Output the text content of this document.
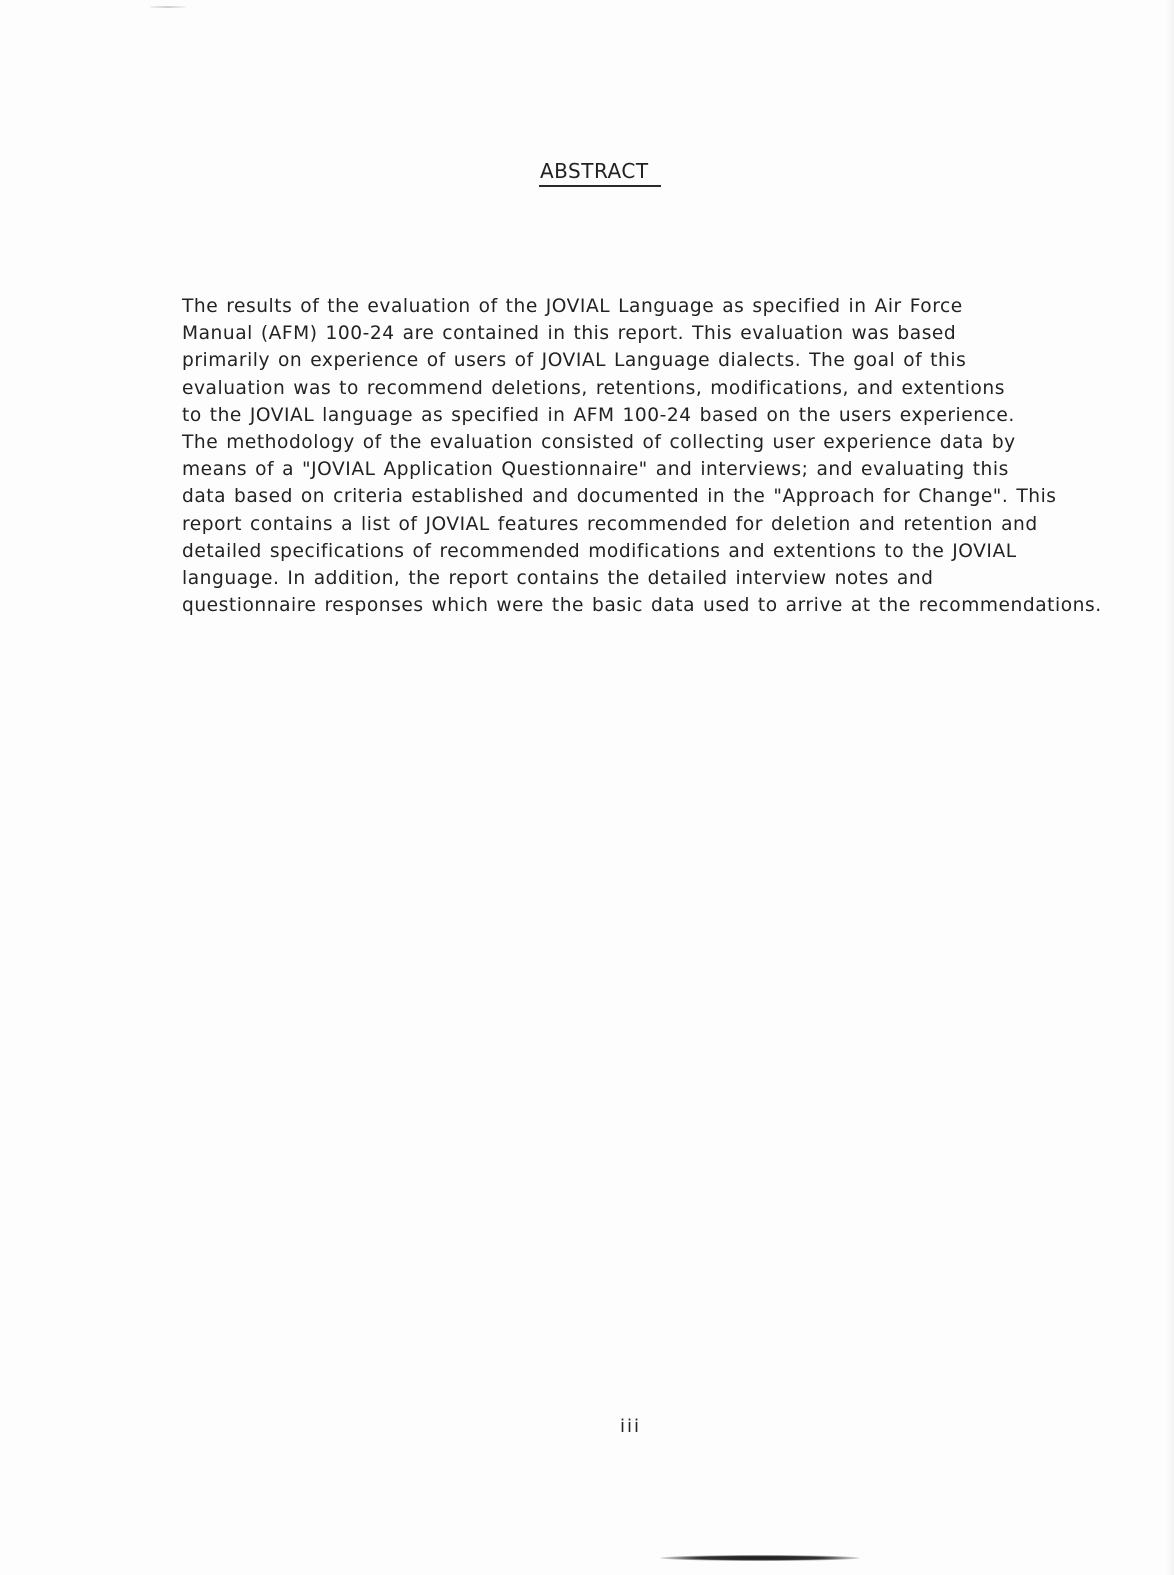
ABSTRACT
The results of the evaluation of the JOVIAL Language as specified in Air Force
Manual (AFM) 100-24 are contained in this report. This evaluation was based
primarily on experience of users of JOVIAL Language dialects. The goal of this
evaluation was to recommend deletions, retentions, modifications, and extentions
to the JOVIAL language as specified in AFM 100-24 based on the users experience.
The methodology of the evaluation consisted of collecting user experience data by
means of a "JOVIAL Application Questionnaire" and interviews; and evaluating this
data based on criteria established and documented in the "Approach for Change". This
report contains a list of JOVIAL features recommended for deletion and retention and
detailed specifications of recommended modifications and extentions to the JOVIAL
language. In addition, the report contains the detailed interview notes and
questionnaire responses which were the basic data used to arrive at the recommendations.
iii
